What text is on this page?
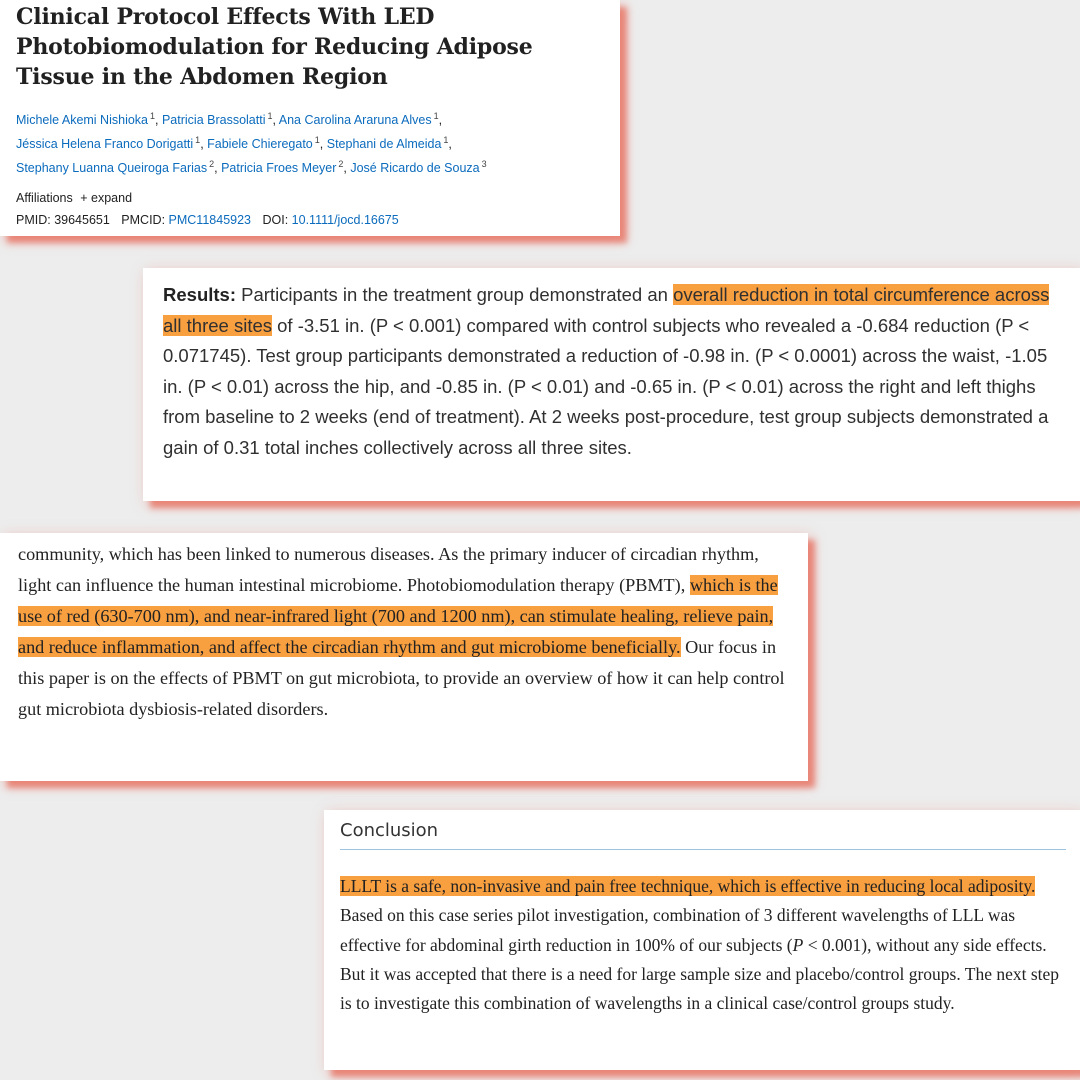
Clinical Protocol Effects With LED Photobiomodulation for Reducing Adipose Tissue in the Abdomen Region
Michele Akemi Nishioka $^1$, Patricia Brassolatti $^1$, Ana Carolina Araruna Alves $^1$,
Jéssica Helena Franco Dorigatti $^1$, Fabiele Chieregato $^1$, Stephani de Almeida $^1$,
Stephany Luanna Queiroga Farias $^2$, Patricia Froes Meyer $^2$, José Ricardo de Souza $^3$
Affiliations + expand
PMID: 39645651 PMCID: PMC11845923 DOI: 10.1111/jocd.16675

Results: Participants in the treatment group demonstrated an overall reduction in total circumference across all three sites of -3.51 in. (P < 0.001) compared with control subjects who revealed a -0.684 reduction (P < 0.071745). Test group participants demonstrated a reduction of -0.98 in. (P < 0.0001) across the waist, -1.05 in. (P < 0.01) across the hip, and -0.85 in. (P < 0.01) and -0.65 in. (P < 0.01) across the right and left thighs from baseline to 2 weeks (end of treatment). At 2 weeks post-procedure, test group subjects demonstrated a gain of 0.31 total inches collectively across all three sites.

community, which has been linked to numerous diseases. As the primary inducer of circadian rhythm, light can influence the human intestinal microbiome. Photobiomodulation therapy (PBMT), which is the use of red (630-700 nm), and near-infrared light (700 and 1200 nm), can stimulate healing, relieve pain, and reduce inflammation, and affect the circadian rhythm and gut microbiome beneficially. Our focus in this paper is on the effects of PBMT on gut microbiota, to provide an overview of how it can help control gut microbiota dysbiosis-related disorders.

Conclusion

LLLT is a safe, non-invasive and pain free technique, which is effective in reducing local adiposity. Based on this case series pilot investigation, combination of 3 different wavelengths of LLL was effective for abdominal girth reduction in 100% of our subjects (P < 0.001), without any side effects. But it was accepted that there is a need for large sample size and placebo/control groups. The next step is to investigate this combination of wavelengths in a clinical case/control groups study.
